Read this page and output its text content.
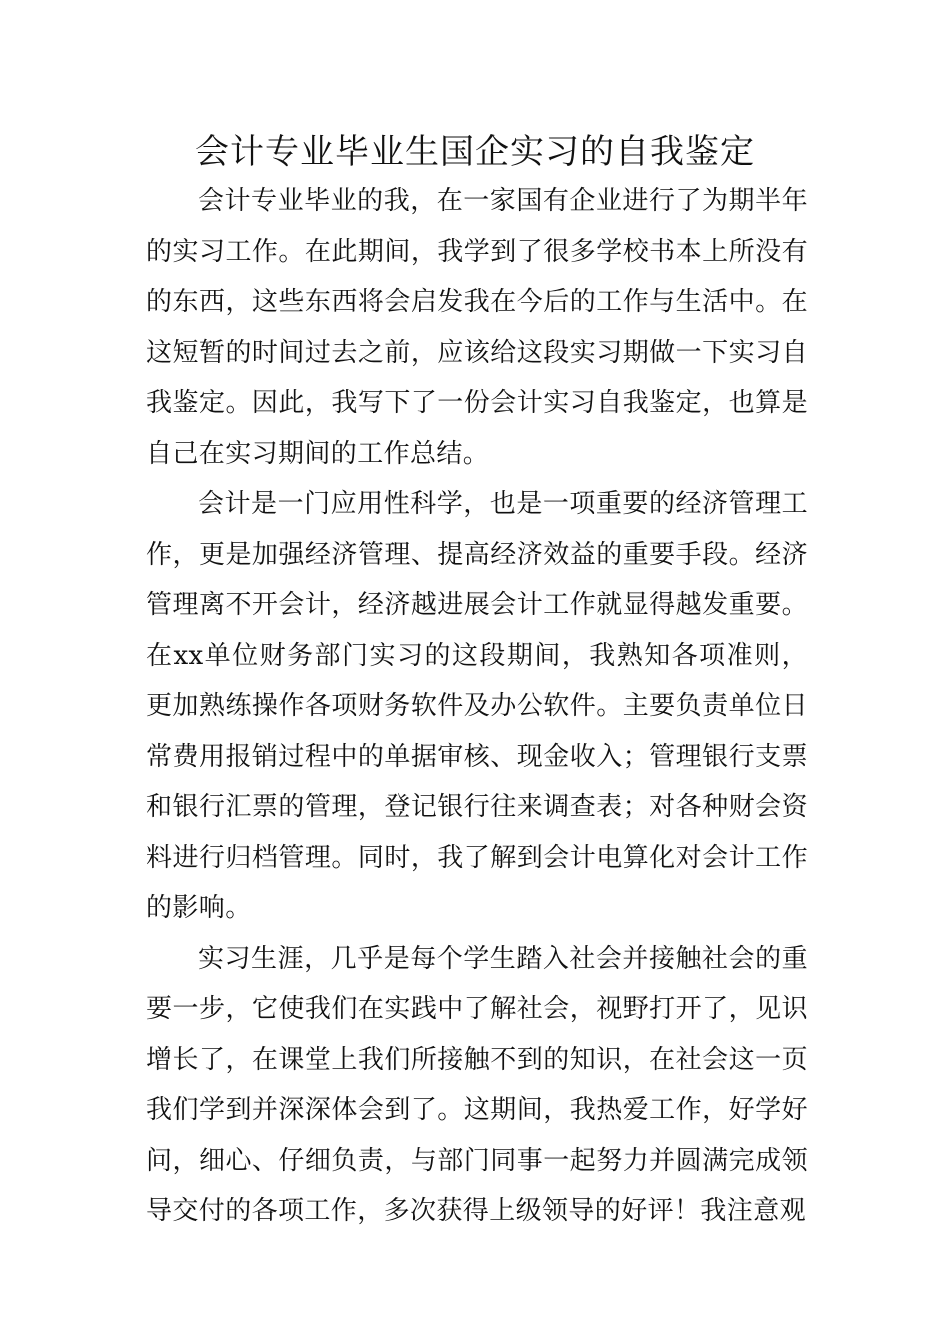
会计专业毕业生国企实习的自我鉴定

会计专业毕业的我，在一家国有企业进行了为期半年的实习工作。在此期间，我学到了很多学校书本上所没有的东西，这些东西将会启发我在今后的工作与生活中。在这短暂的时间过去之前，应该给这段实习期做一下实习自我鉴定。因此，我写下了一份会计实习自我鉴定，也算是自己在实习期间的工作总结。

会计是一门应用性科学，也是一项重要的经济管理工作，更是加强经济管理、提高经济效益的重要手段。经济管理离不开会计，经济越进展会计工作就显得越发重要。在xx单位财务部门实习的这段期间，我熟知各项准则，更加熟练操作各项财务软件及办公软件。主要负责单位日常费用报销过程中的单据审核、现金收入；管理银行支票和银行汇票的管理，登记银行往来调查表；对各种财会资料进行归档管理。同时，我了解到会计电算化对会计工作的影响。

实习生涯，几乎是每个学生踏入社会并接触社会的重要一步，它使我们在实践中了解社会，视野打开了，见识增长了，在课堂上我们所接触不到的知识，在社会这一页我们学到并深深体会到了。这期间，我热爱工作，好学好问，细心、仔细负责，与部门同事一起努力并圆满完成领导交付的各项工作，多次获得上级领导的好评！我注意观
